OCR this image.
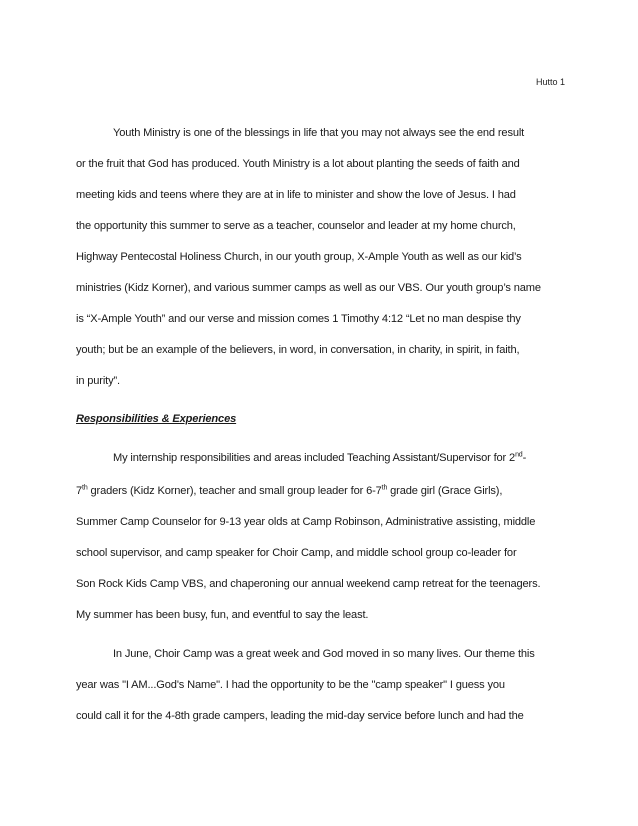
Hutto 1
Youth Ministry is one of the blessings in life that you may not always see the end result
or the fruit that God has produced. Youth Ministry is a lot about planting the seeds of faith and
meeting kids and teens where they are at in life to minister and show the love of Jesus. I had
the opportunity this summer to serve as a teacher, counselor and leader at my home church,
Highway Pentecostal Holiness Church, in our youth group, X-Ample Youth as well as our kid’s
ministries (Kidz Korner), and various summer camps as well as our VBS. Our youth group’s name
is “X-Ample Youth” and our verse and mission comes 1 Timothy 4:12 “Let no man despise thy
youth; but be an example of the believers, in word, in conversation, in charity, in spirit, in faith,
in purity”.
Responsibilities & Experiences
My internship responsibilities and areas included Teaching Assistant/Supervisor for 2nd-
7th graders (Kidz Korner), teacher and small group leader for 6-7th grade girl (Grace Girls),
Summer Camp Counselor for 9-13 year olds at Camp Robinson, Administrative assisting, middle
school supervisor, and camp speaker for Choir Camp, and middle school group co-leader for
Son Rock Kids Camp VBS, and chaperoning our annual weekend camp retreat for the teenagers.
My summer has been busy, fun, and eventful to say the least.
In June, Choir Camp was a great week and God moved in so many lives. Our theme this
year was "I AM...God's Name". I had the opportunity to be the "camp speaker" I guess you
could call it for the 4-8th grade campers, leading the mid-day service before lunch and had the
